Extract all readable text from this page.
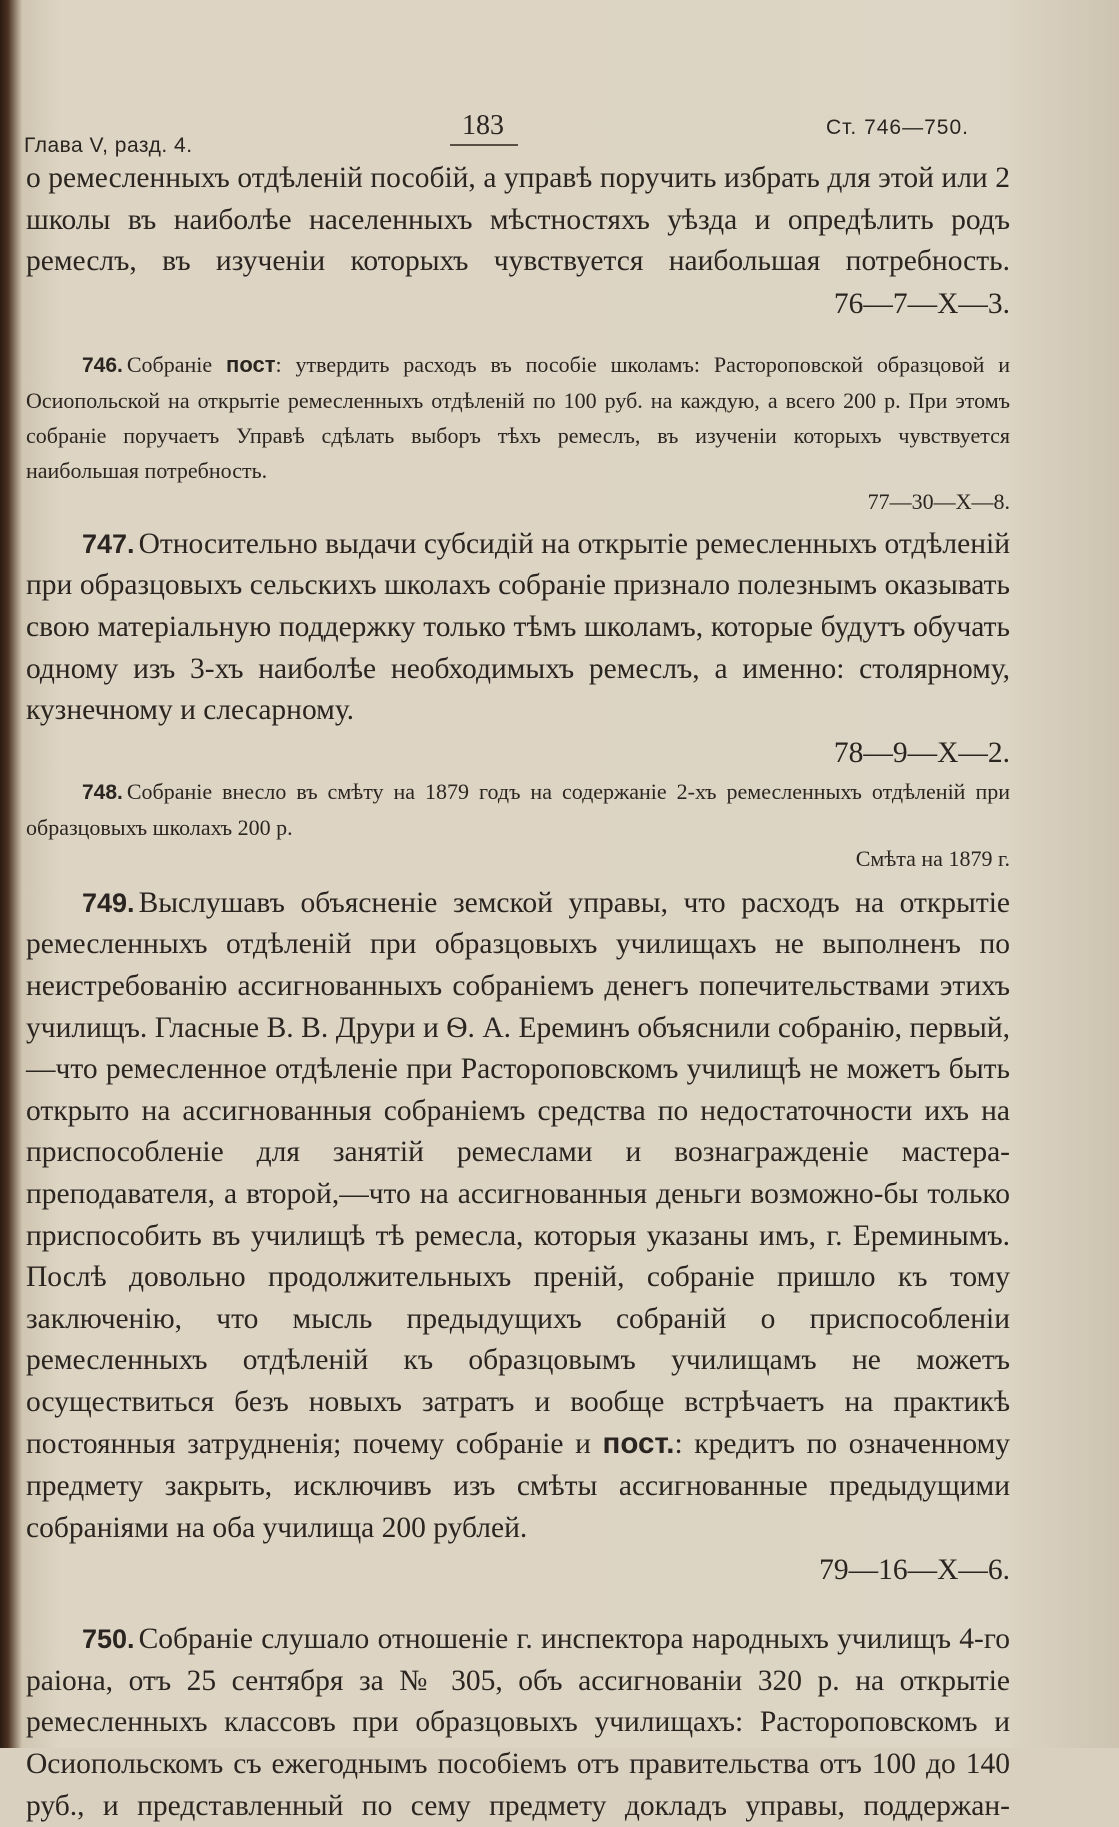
Глава V, разд. 4.
183	Ст. 746—750.

о ремесленныхъ отдѣленій пособій, а управѣ поручить избрать для этой или 2 школы въ наиболѣе населенныхъ мѣстностяхъ уѣзда и опредѣлить родъ ремеслъ, въ изученіи которыхъ чувствуется наибольшая потребность.

76—7—X—3.

746. Собраніе пост: утвердить расходъ въ пособіе школамъ: Растороповской образцовой и Осиопольской на открытіе ремесленныхъ отдѣленій по 100 руб. на каждую, а всего 200 р. При этомъ собраніе поручаетъ Управѣ сдѣлать выборъ тѣхъ ремеслъ, въ изученіи которыхъ чувствуется наибольшая потребность.

77—30—X—8.

747. Относительно выдачи субсидій на открытіе ремесленныхъ отдѣленій при образцовыхъ сельскихъ школахъ собраніе признало полезнымъ оказывать свою матеріальную поддержку только тѣмъ школамъ, которые будутъ обучать одному изъ 3-хъ наиболѣе необходимыхъ ремеслъ, а именно: столярному, кузнечному и слесарному.

78—9—X—2.

748. Собраніе внесло въ смѣту на 1879 годъ на содержаніе 2-хъ ремесленныхъ отдѣленій при образцовыхъ школахъ 200 р.

Смѣта на 1879 г.

749. Выслушавъ объясненіе земской управы, что расходъ на открытіе ремесленныхъ отдѣленій при образцовыхъ училищахъ не выполненъ по неистребованію ассигнованныхъ собраніемъ денегъ попечительствами этихъ училищъ. Гласные В. В. Друри и Ѳ. А. Ереминъ объяснили собранію, первый,—что ремесленное отдѣленіе при Растороповскомъ училищѣ не можетъ быть открыто на ассигнованныя собраніемъ средства по недостаточности ихъ на приспособленіе для занятій ремеслами и вознагражденіе мастера-преподавателя, а второй,—что на ассигнованныя деньги возможно-бы только приспособить въ училищѣ тѣ ремесла, которыя указаны имъ, г. Ереминымъ. Послѣ довольно продолжительныхъ преній, собраніе пришло къ тому заключенію, что мысль предыдущихъ собраній о приспособленіи ремесленныхъ отдѣленій къ образцовымъ училищамъ не можетъ осуществиться безъ новыхъ затратъ и вообще встрѣчаетъ на практикѣ постоянныя затрудненія; почему собраніе и пост.: кредитъ по означенному предмету закрыть, исключивъ изъ смѣты ассигнованные предыдущими собраніями на оба училища 200 рублей.

79—16—X—6.

750. Собраніе слушало отношеніе г. инспектора народныхъ училищъ 4-го раіона, отъ 25 сентября за № 305, объ ассигнованіи 320 р. на открытіе ремесленныхъ классовъ при образцовыхъ училищахъ: Растороповскомъ и Осиопольскомъ съ ежегоднымъ пособіемъ отъ правительства отъ 100 до 140 руб., и представленный по сему предмету докладъ управы, поддержан-
